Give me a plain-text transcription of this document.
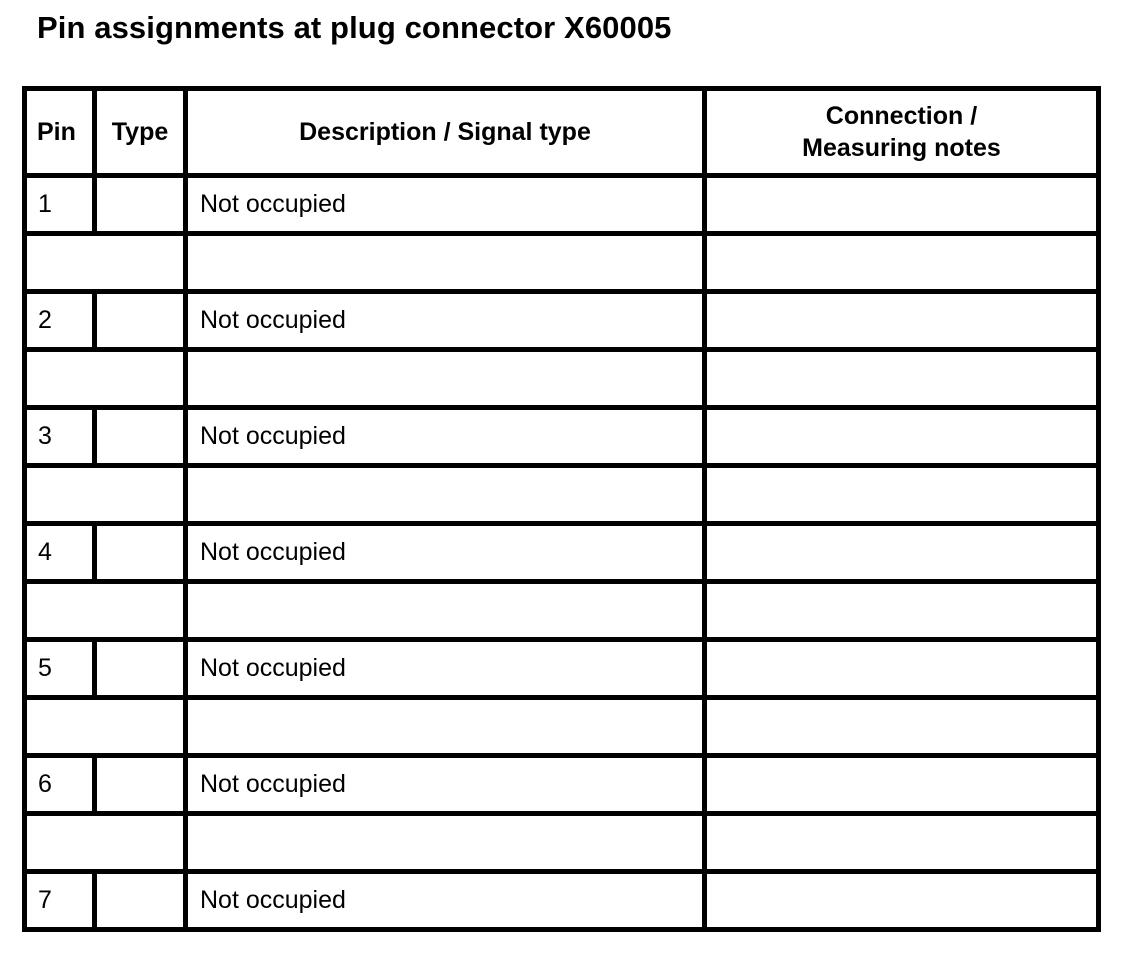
Pin assignments at plug connector X60005
Pin	Type	Description / Signal type	Connection /
Measuring notes

1		Not occupied	

2		Not occupied	

3		Not occupied	

4		Not occupied	

5		Not occupied	

6		Not occupied	

7		Not occupied	
